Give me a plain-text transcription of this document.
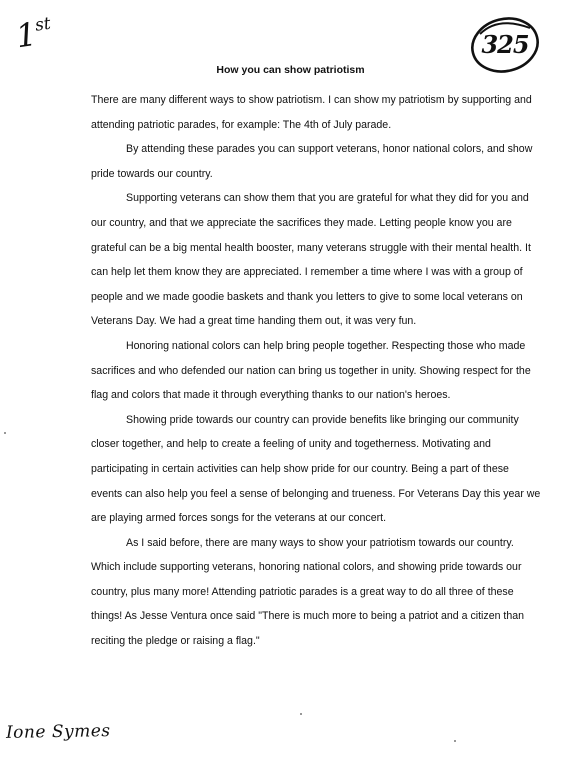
1st
325
How you can show patriotism

There are many different ways to show patriotism. I can show my patriotism by supporting and attending patriotic parades, for example: The 4th of July parade.

By attending these parades you can support veterans, honor national colors, and show pride towards our country.

Supporting veterans can show them that you are grateful for what they did for you and our country, and that we appreciate the sacrifices they made. Letting people know you are grateful can be a big mental health booster, many veterans struggle with their mental health. It can help let them know they are appreciated. I remember a time where I was with a group of people and we made goodie baskets and thank you letters to give to some local veterans on Veterans Day. We had a great time handing them out, it was very fun.

Honoring national colors can help bring people together. Respecting those who made sacrifices and who defended our nation can bring us together in unity. Showing respect for the flag and colors that made it through everything thanks to our nation's heroes.

Showing pride towards our country can provide benefits like bringing our community closer together, and help to create a feeling of unity and togetherness. Motivating and participating in certain activities can help show pride for our country. Being a part of these events can also help you feel a sense of belonging and trueness. For Veterans Day this year we are playing armed forces songs for the veterans at our concert.

As I said before, there are many ways to show your patriotism towards our country. Which include supporting veterans, honoring national colors, and showing pride towards our country, plus many more! Attending patriotic parades is a great way to do all three of these things! As Jesse Ventura once said "There is much more to being a patriot and a citizen than reciting the pledge or raising a flag."

Ione Symes
